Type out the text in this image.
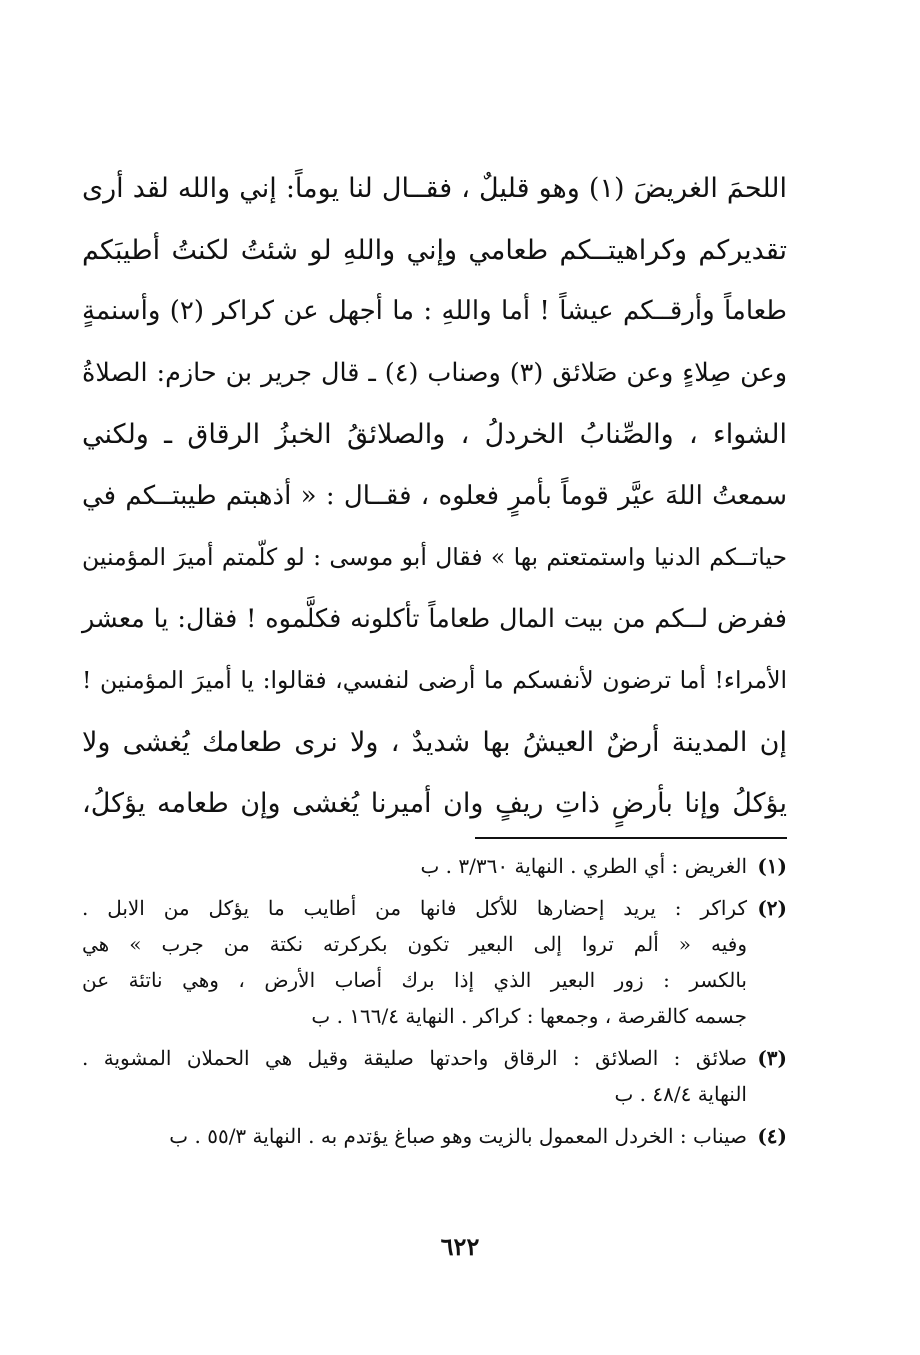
اللحمَ الغريضَ (١) وهو قليلٌ ، فقــال لنا يوماً: إني والله لقد أرى
تقديركم وكراهيتــكم طعامي وإني واللهِ لو شئتُ لكنتُ أطيبَكم
طعاماً وأرقــكم عيشاً ! أما واللهِ : ما أجهل عن كراكر (٢) وأسنمةٍ
وعن صِلاءٍ وعن صَلائق (٣) وصناب (٤) ـ قال جرير بن حازم: الصلاةُ
الشواء ، والصِّنابُ الخردلُ ، والصلائقُ الخبزُ الرقاق ـ ولكني
سمعتُ اللهَ عيَّر قوماً بأمرٍ فعلوه ، فقــال : « أذهبتم طيبتــكم في
حياتــكم الدنيا واستمتعتم بها » فقال أبو موسى : لو كلّمتم أميرَ المؤمنين
ففرض لــكم من بيت المال طعاماً تأكلونه فكلَّموه ! فقال: يا معشر
الأمراء! أما ترضون لأنفسكم ما أرضى لنفسي، فقالوا: يا أميرَ المؤمنين !
إن المدينة أرضٌ العيشُ بها شديدٌ ، ولا نرى طعامك يُغشى ولا
يؤكلُ وإنا بأرضٍ ذاتِ ريفٍ وان أميرنا يُغشى وإن طعامه يؤكلُ،
(١)
الغريض : أي الطري . النهاية ٣/٣٦٠ . ب
(٢)
كراكر : يريد إحضارها للأكل فانها من أطايب ما يؤكل من الابل .
وفيه « ألم تروا إلى البعير تكون بكركرته نكتة من جرب » هي
بالكسر : زور البعير الذي إذا برك أصاب الأرض ، وهي ناتئة عن
جسمه كالقرصة ، وجمعها : كراكر . النهاية ١٦٦/٤ . ب
(٣)
صلائق : الصلائق : الرقاق واحدتها صليقة وقيل هي الحملان المشوية .
النهاية ٤٨/٤ . ب
(٤)
صيناب : الخردل المعمول بالزيت وهو صباغ يؤتدم به . النهاية ٥٥/٣ . ب
٦٢٢
